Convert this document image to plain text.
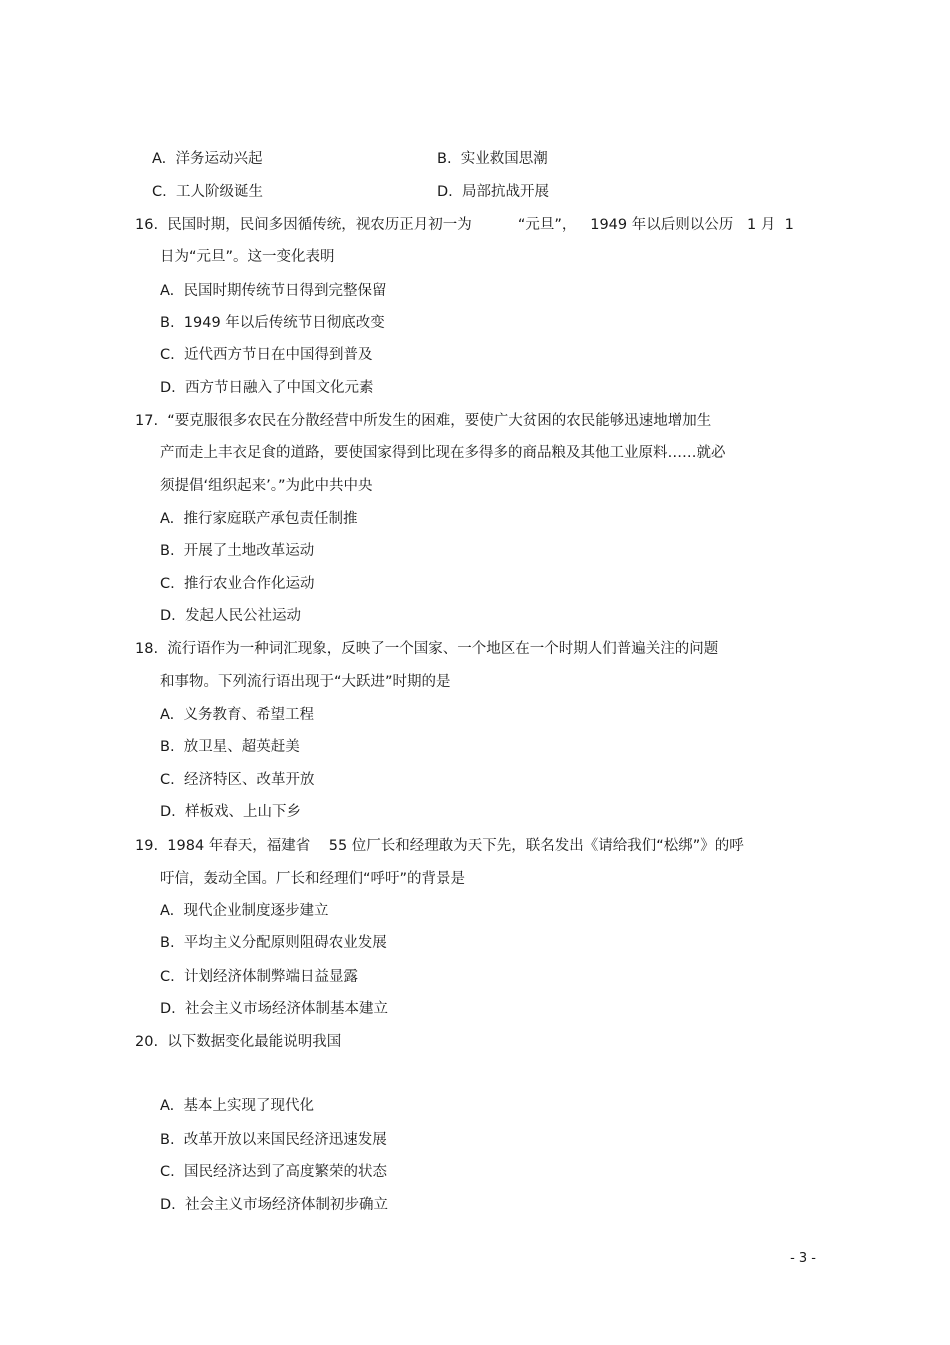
A.  洋务运动兴起	B.  实业救国思潮
C.  工人阶级诞生	D.  局部抗战开展
16.  民国时期，民间多因循传统，视农历正月初一为          “元旦”，   1949 年以后则以公历   1 月  1
日为“元旦”。这一变化表明
A.  民国时期传统节日得到完整保留
B.  1949 年以后传统节日彻底改变
C.  近代西方节日在中国得到普及
D.  西方节日融入了中国文化元素
17.  “要克服很多农民在分散经营中所发生的困难，要使广大贫困的农民能够迅速地增加生
产而走上丰衣足食的道路，要使国家得到比现在多得多的商品粮及其他工业原料……就必
须提倡‘组织起来’。”为此中共中央
A.  推行家庭联产承包责任制推
B.  开展了土地改革运动
C.  推行农业合作化运动
D.  发起人民公社运动
18.  流行语作为一种词汇现象，反映了一个国家、一个地区在一个时期人们普遍关注的问题
和事物。下列流行语出现于“大跃进”时期的是
A.  义务教育、希望工程
B.  放卫星、超英赶美
C.  经济特区、改革开放
D.  样板戏、上山下乡
19.  1984 年春天，福建省    55 位厂长和经理敢为天下先，联名发出《请给我们“松绑”》的呼
吁信，轰动全国。厂长和经理们“呼吁”的背景是
A.  现代企业制度逐步建立
B.  平均主义分配原则阻碍农业发展
C.  计划经济体制弊端日益显露
D.  社会主义市场经济体制基本建立
20.  以下数据变化最能说明我国
A.  基本上实现了现代化
B.  改革开放以来国民经济迅速发展
C.  国民经济达到了高度繁荣的状态
D.  社会主义市场经济体制初步确立
- 3 -
